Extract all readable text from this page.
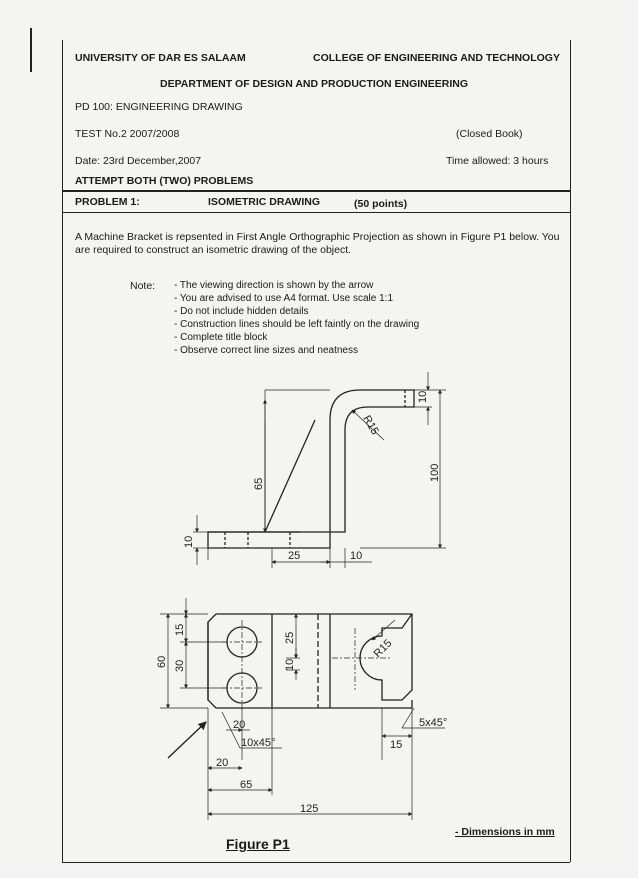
UNIVERSITY OF DAR ES SALAAM	COLLEGE OF ENGINEERING AND TECHNOLOGY
DEPARTMENT OF DESIGN AND PRODUCTION ENGINEERING
PD 100: ENGINEERING DRAWING
TEST No.2 2007/2008	(Closed Book)
Date: 23rd December,2007	Time allowed: 3 hours
ATTEMPT BOTH (TWO) PROBLEMS
PROBLEM 1:	ISOMETRIC DRAWING	(50 points)
A Machine Bracket is repsented in First Angle Orthographic Projection as shown in Figure P1 below. You are required to construct an isometric drawing of the object.
Note: - The viewing direction is shown by the arrow
- You are advised to use A4 format. Use scale 1:1
- Do not include hidden details
- Construction lines should be left faintly on the drawing
- Complete title block
- Observe correct line sizes and neatness
10
R15
100
65
10
25	10
60 30
15
25
10
R15
20
10x45°
20
65
125
5x45°
15
Figure P1
- Dimensions in mm
